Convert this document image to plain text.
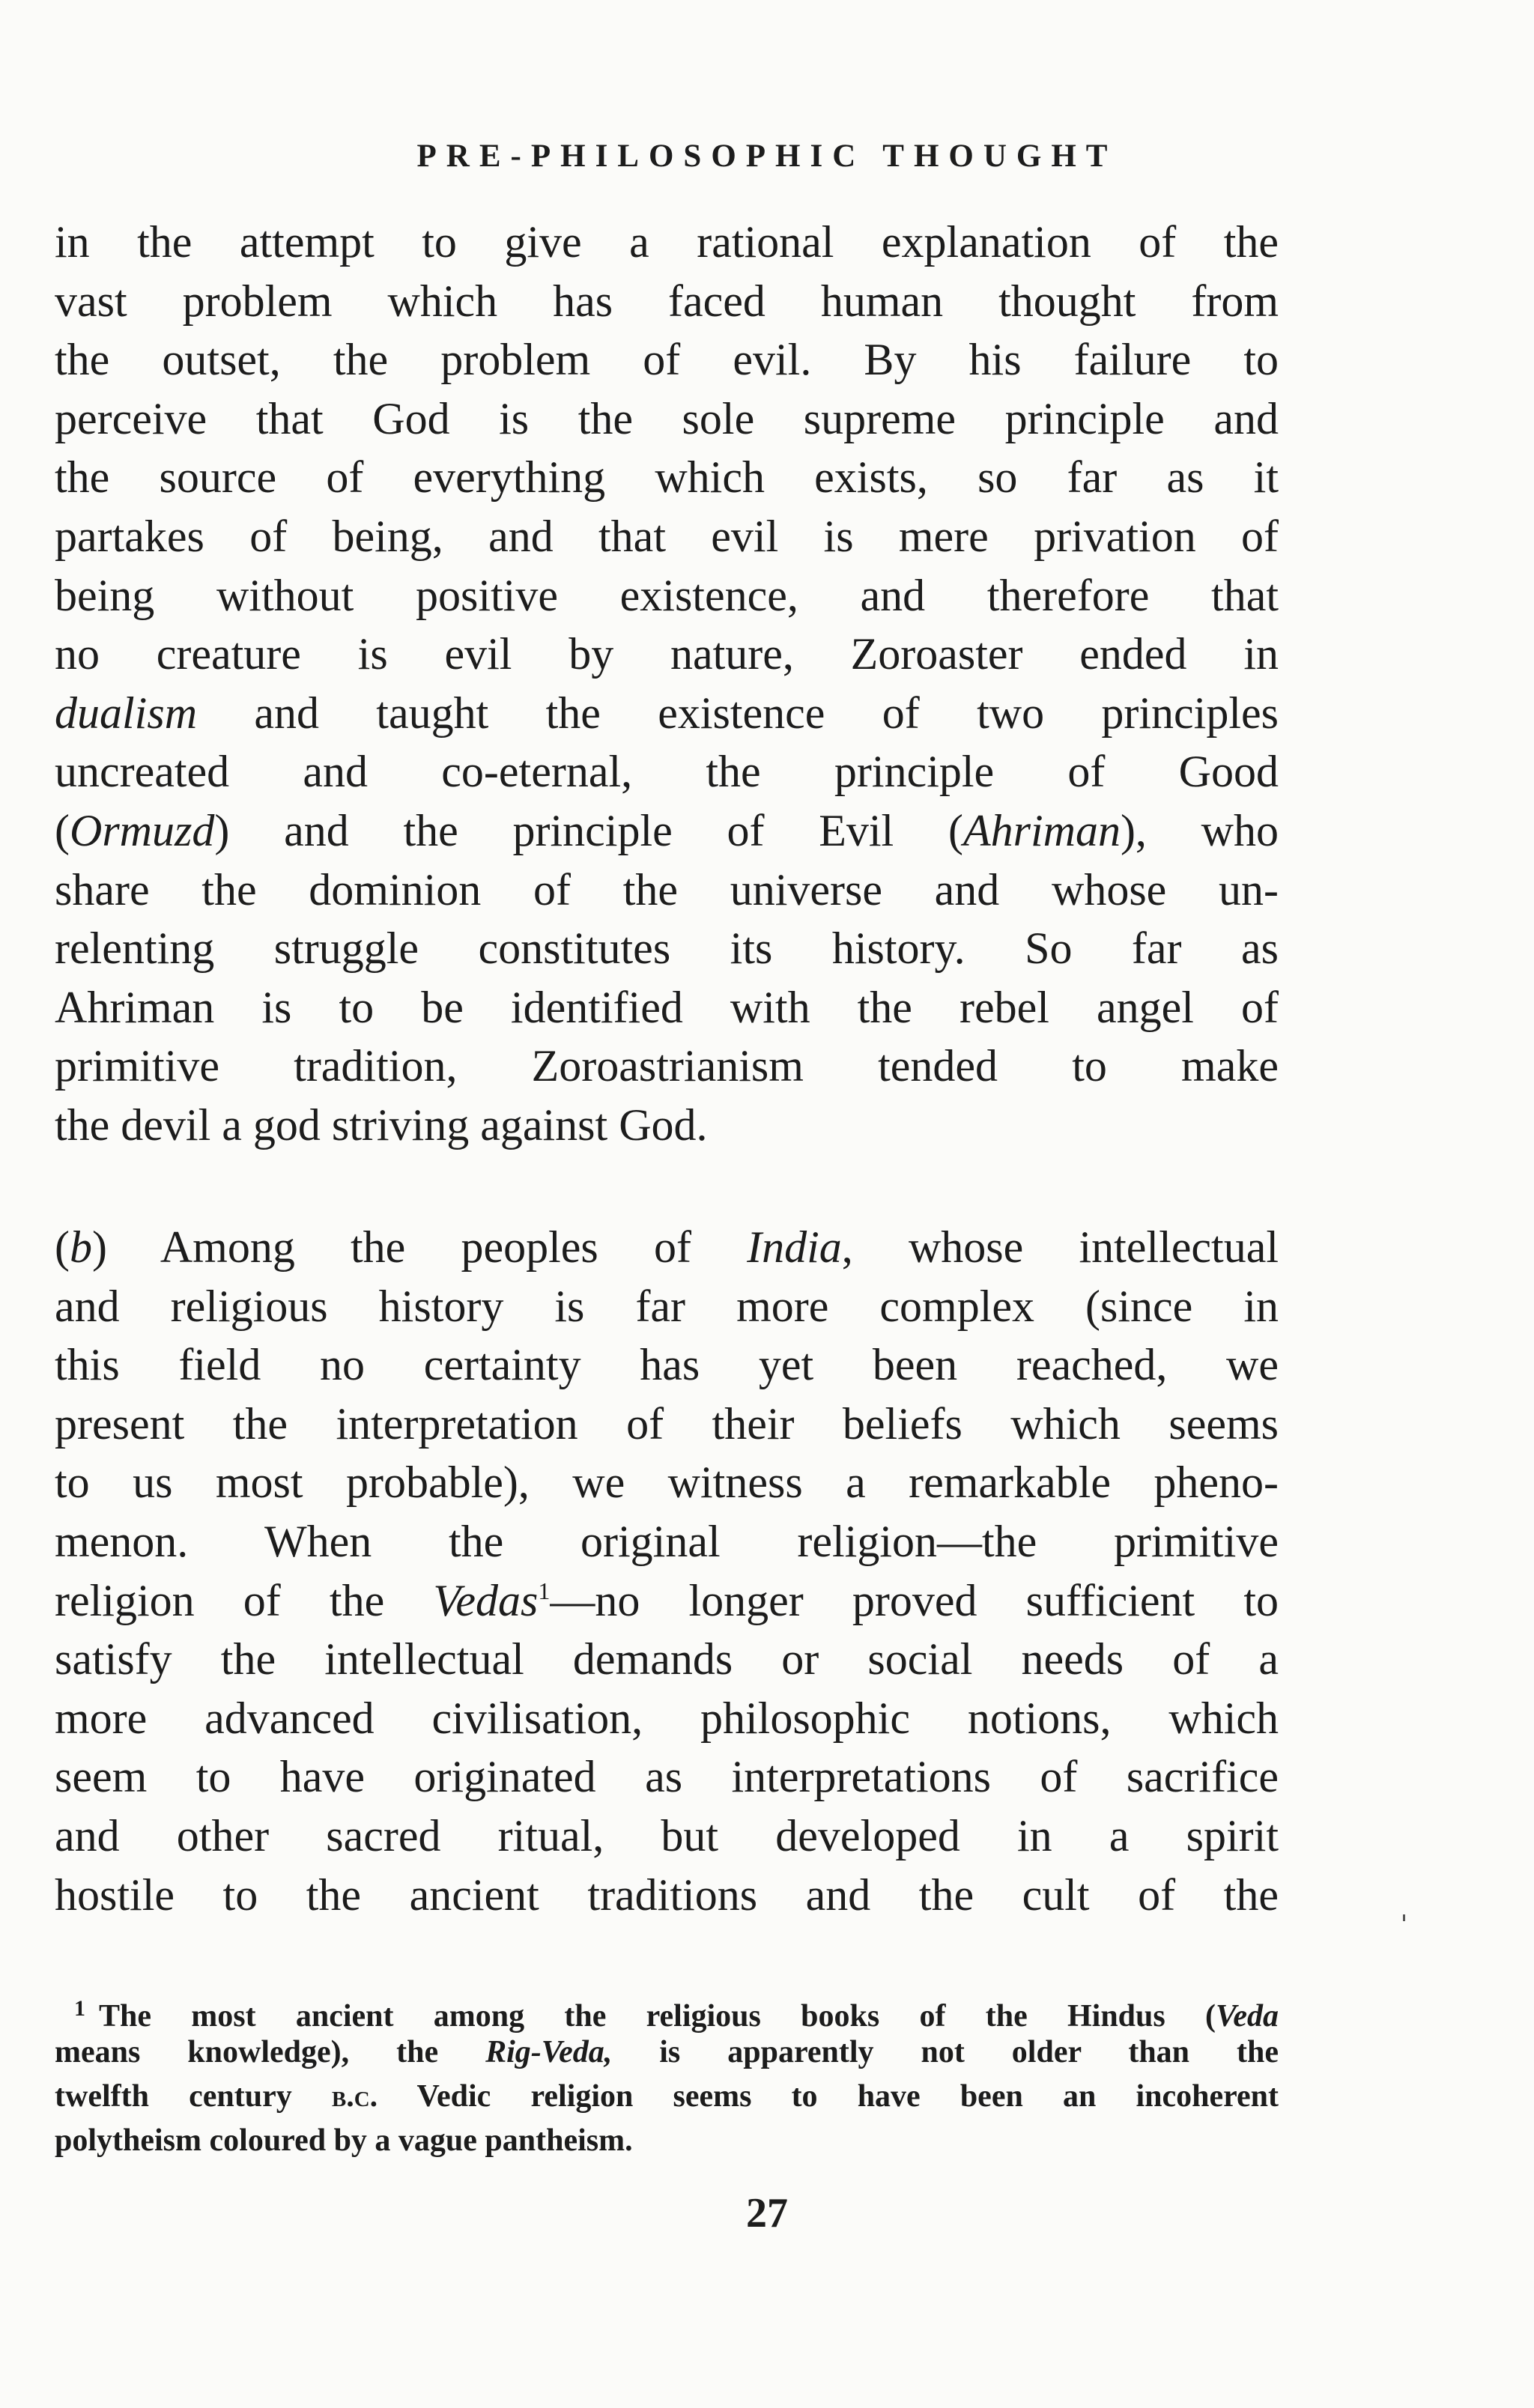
PRE-PHILOSOPHIC THOUGHT
in the attempt to give a rational explanation of the
vast problem which has faced human thought from
the outset, the problem of evil. By his failure to
perceive that God is the sole supreme principle and
the source of everything which exists, so far as it
partakes of being, and that evil is mere privation of
being without positive existence, and therefore that
no creature is evil by nature, Zoroaster ended in
dualism and taught the existence of two principles
uncreated and co-eternal, the principle of Good
(Ormuzd) and the principle of Evil (Ahriman), who
share the dominion of the universe and whose un-
relenting struggle constitutes its history. So far as
Ahriman is to be identified with the rebel angel of
primitive tradition, Zoroastrianism tended to make
the devil a god striving against God.
(b) Among the peoples of India, whose intellectual
and religious history is far more complex (since in
this field no certainty has yet been reached, we
present the interpretation of their beliefs which seems
to us most probable), we witness a remarkable pheno-
menon. When the original religion—the primitive
religion of the Vedas$^1$—no longer proved sufficient to
satisfy the intellectual demands or social needs of a
more advanced civilisation, philosophic notions, which
seem to have originated as interpretations of sacrifice
and other sacred ritual, but developed in a spirit
hostile to the ancient traditions and the cult of the
$^1$ The most ancient among the religious books of the Hindus (Veda
means knowledge), the Rig-Veda, is apparently not older than the
twelfth century b.c. Vedic religion seems to have been an incoherent
polytheism coloured by a vague pantheism.
27
